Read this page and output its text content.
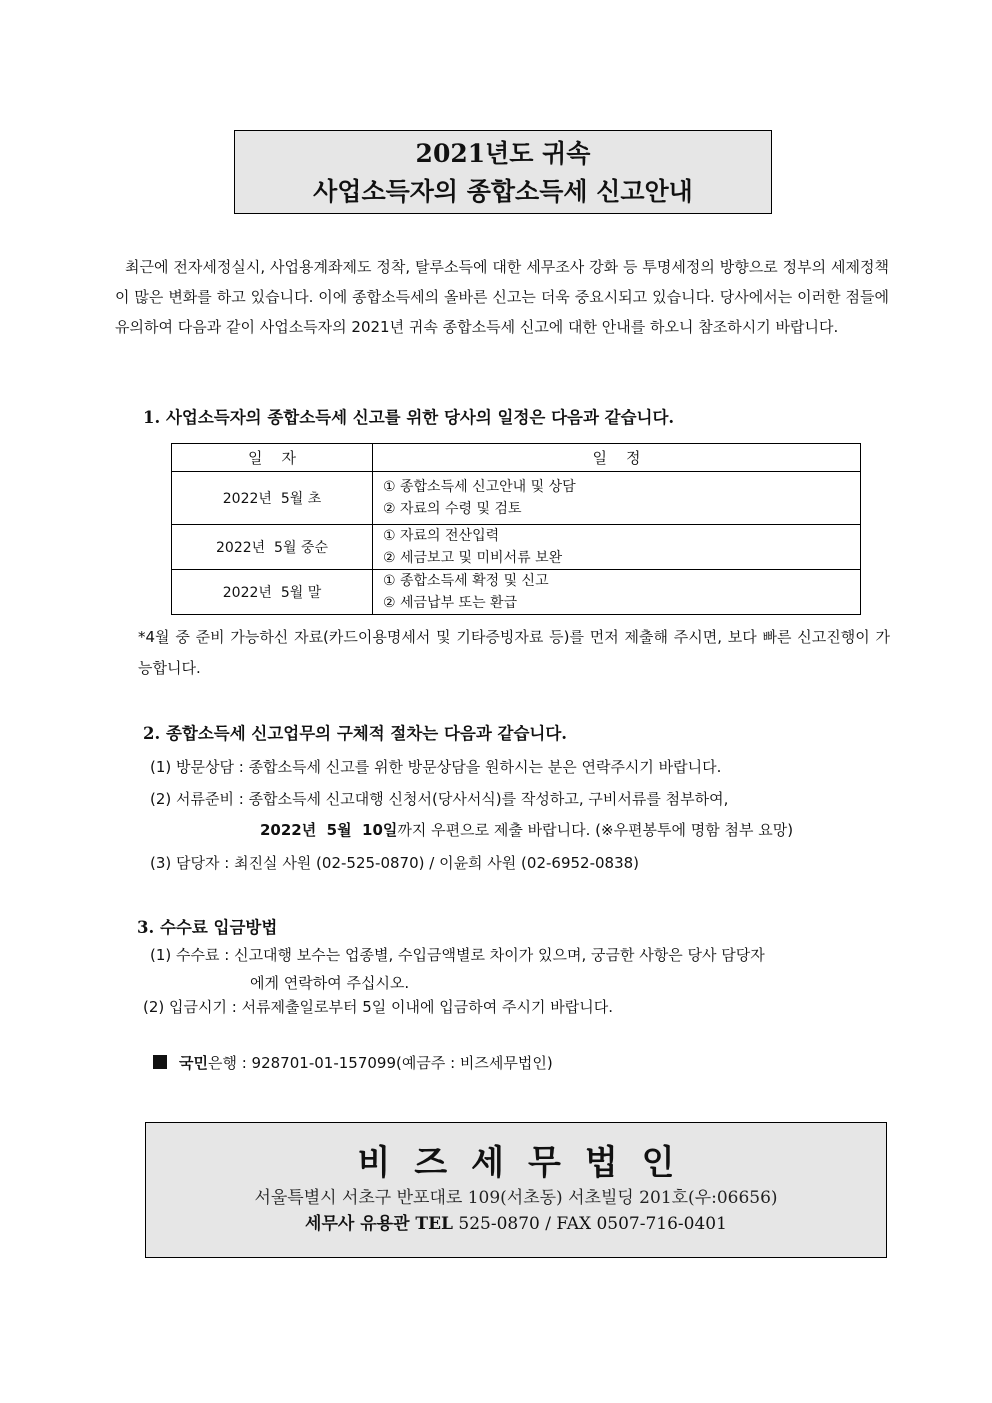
2021년도 귀속
사업소득자의 종합소득세 신고안내

최근에 전자세정실시, 사업용계좌제도 정착, 탈루소득에 대한 세무조사 강화 등 투명세정의 방향으로 정부의 세제정책이 많은 변화를 하고 있습니다. 이에 종합소득세의 올바른 신고는 더욱 중요시되고 있습니다. 당사에서는 이러한 점들에 유의하여 다음과 같이 사업소득자의 2021년 귀속 종합소득세 신고에 대한 안내를 하오니 참조하시기 바랍니다.

1. 사업소득자의 종합소득세 신고를 위한 당사의 일정은 다음과 같습니다.

일    자	일    정
2022년  5월 초	① 종합소득세 신고안내 및 상담
② 자료의 수령 및 검토

2022년  5월 중순	① 자료의 전산입력
② 세금보고 및 미비서류 보완

2022년  5월 말	① 종합소득세 확정 및 신고
② 세금납부 또는 환급

*4월 중 준비 가능하신 자료(카드이용명세서 및 기타증빙자료 등)를 먼저 제출해 주시면, 보다 빠른 신고진행이 가능합니다.

2. 종합소득세 신고업무의 구체적 절차는 다음과 같습니다.

(1) 방문상담 : 종합소득세 신고를 위한 방문상담을 원하시는 분은 연락주시기 바랍니다.

(2) 서류준비 : 종합소득세 신고대행 신청서(당사서식)를 작성하고, 구비서류를 첨부하여,

2022년  5월  10일까지 우편으로 제출 바랍니다. (※우편봉투에 명함 첨부 요망)

(3) 담당자 : 최진실 사원 (02-525-0870) / 이윤희 사원 (02-6952-0838)

3. 수수료 입금방법

(1) 수수료 : 신고대행 보수는 업종별, 수입금액별로 차이가 있으며, 궁금한 사항은 당사 담당자

에게 연락하여 주십시오.

(2) 입금시기 : 서류제출일로부터 5일 이내에 입금하여 주시기 바랍니다.

국민은행 : 928701-01-157099(예금주 : 비즈세무법인)

비즈세무법인
서울특별시 서초구 반포대로 109(서초동) 서초빌딩 201호(우:06656)
세무사 유용관 TEL 525-0870 / FAX 0507-716-0401
